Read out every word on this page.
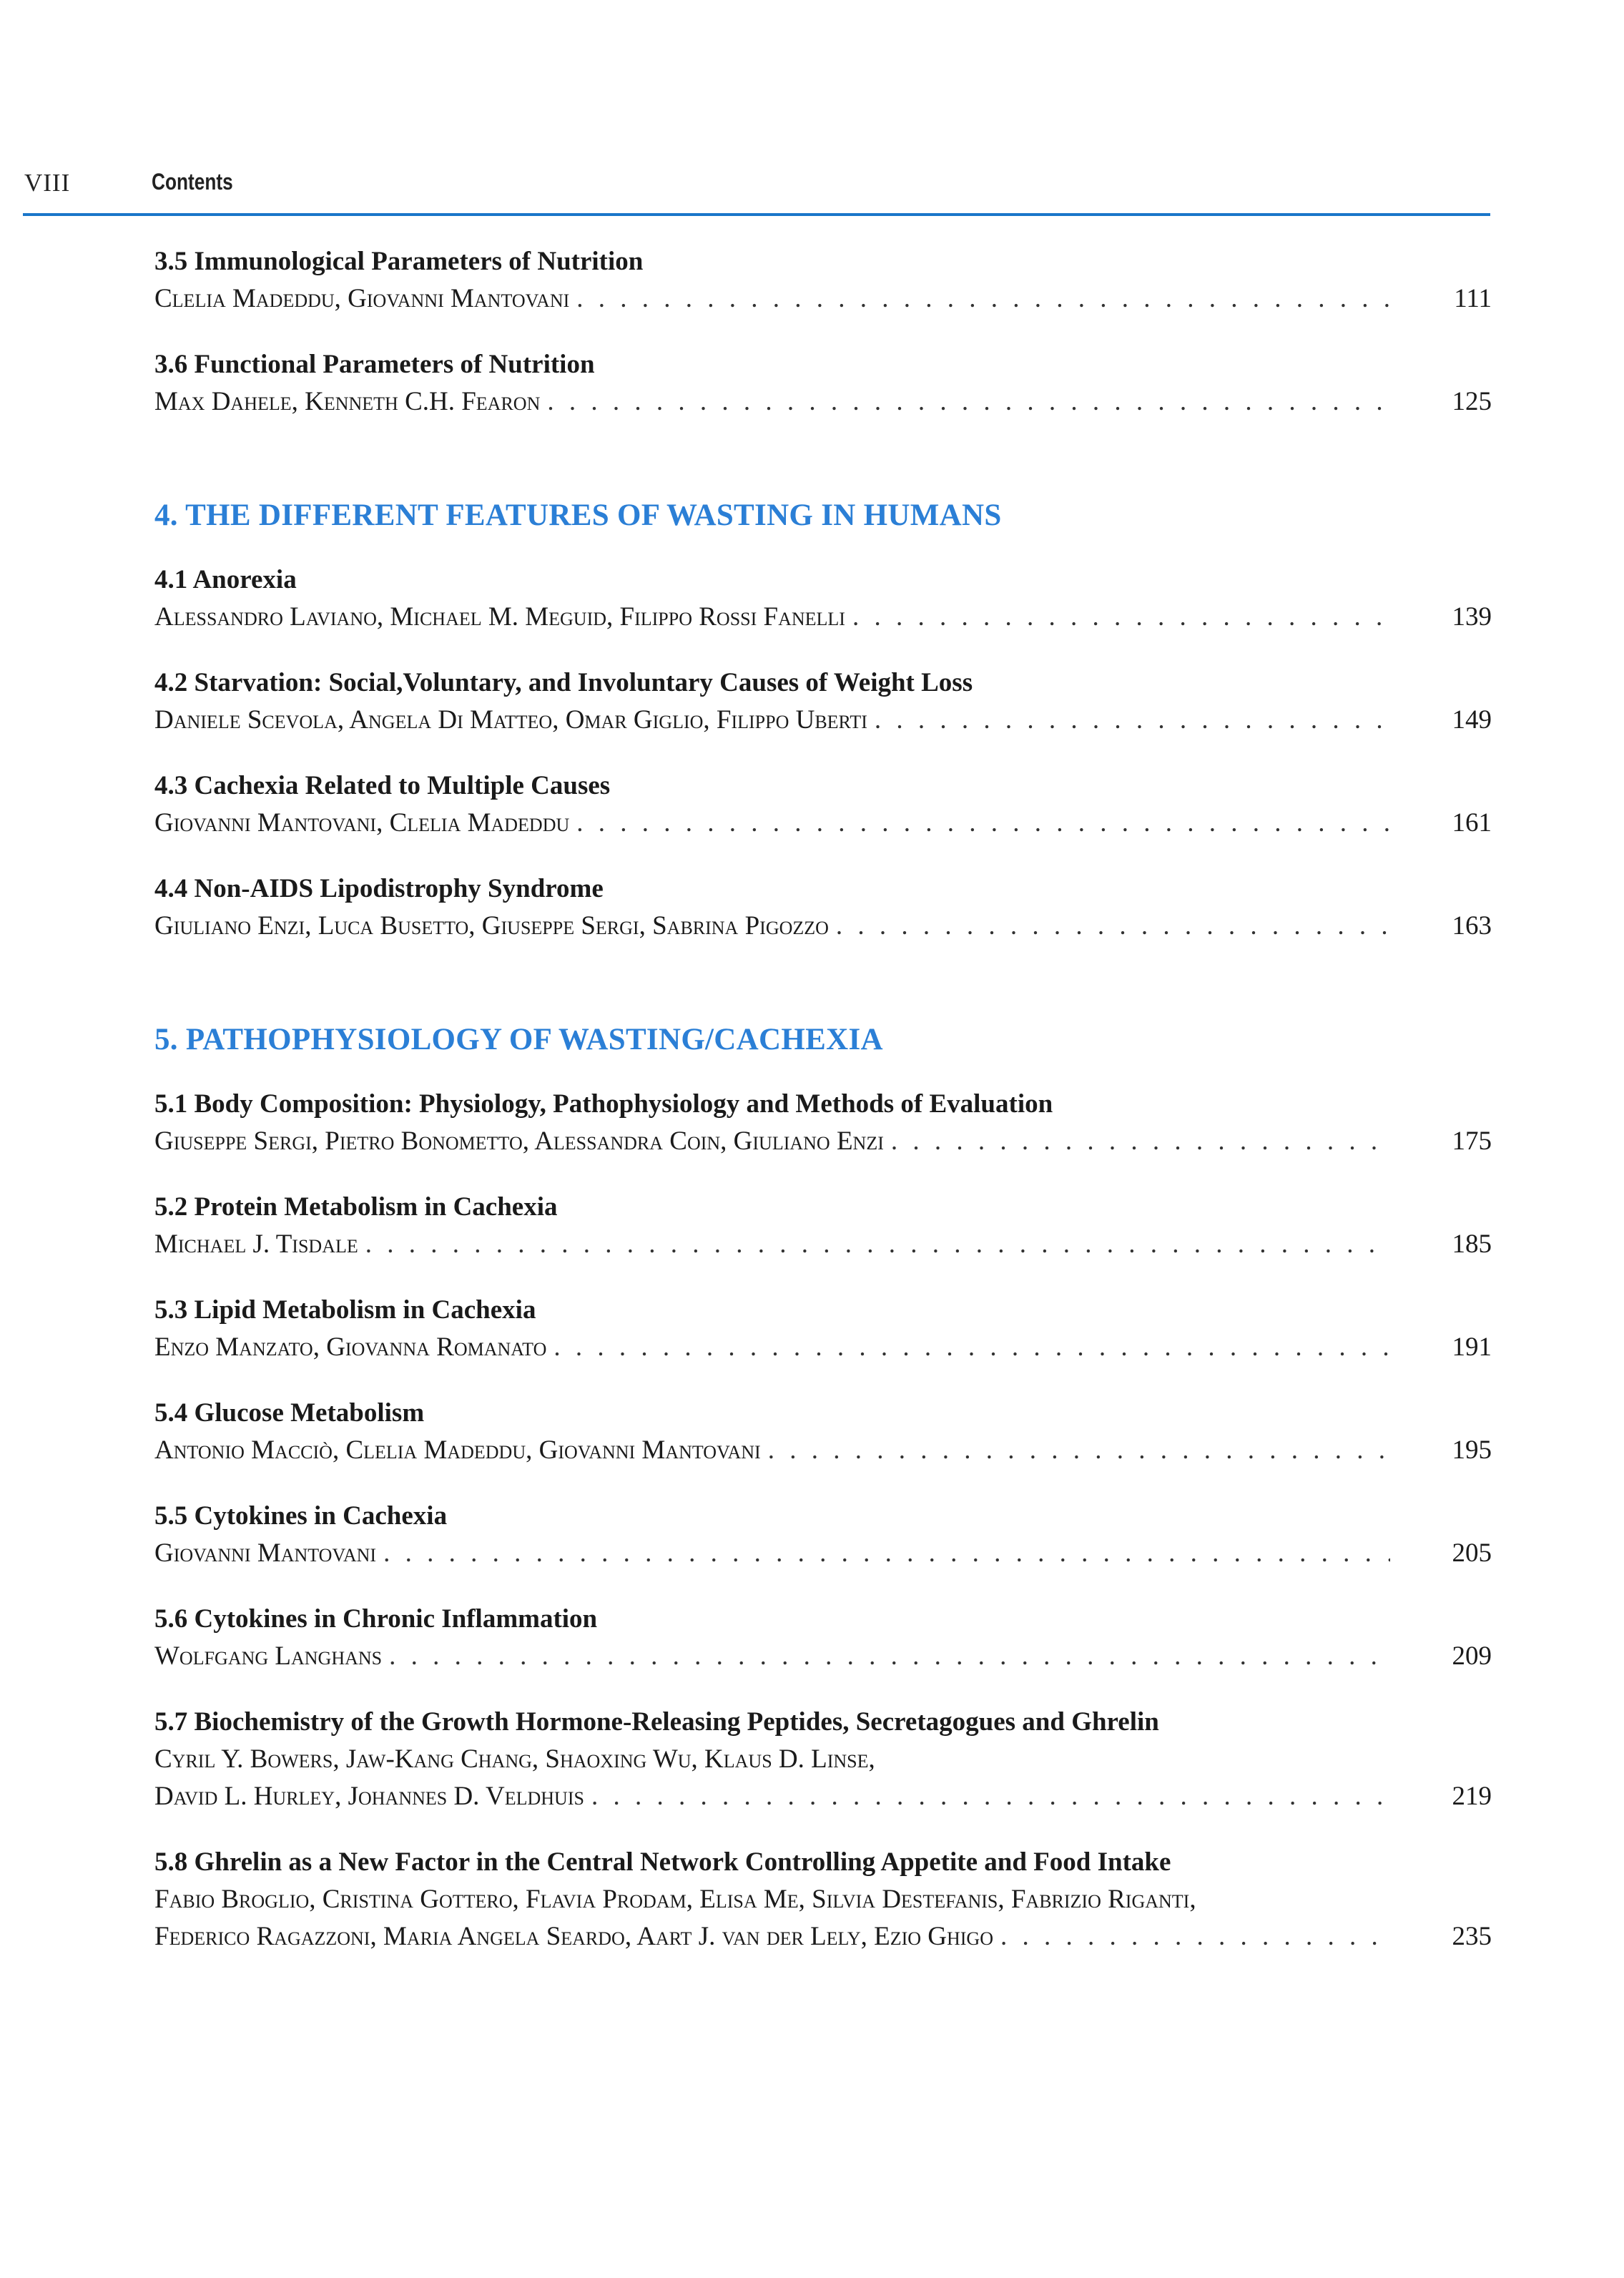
VIII	Contents
3.5 Immunological Parameters of Nutrition
Clelia Madeddu, Giovanni Mantovani . . .	111
3.6 Functional Parameters of Nutrition
Max Dahele, Kenneth C.H. Fearon . . .	125
4. THE DIFFERENT FEATURES OF WASTING IN HUMANS
4.1 Anorexia
Alessandro Laviano, Michael M. Meguid, Filippo Rossi Fanelli . . .	139
4.2 Starvation: Social,Voluntary, and Involuntary Causes of Weight Loss
Daniele Scevola, Angela Di Matteo, Omar Giglio, Filippo Uberti . . .	149
4.3 Cachexia Related to Multiple Causes
Giovanni Mantovani, Clelia Madeddu . . .	161
4.4 Non-AIDS Lipodistrophy Syndrome
Giuliano Enzi, Luca Busetto, Giuseppe Sergi, Sabrina Pigozzo . . .	163
5. PATHOPHYSIOLOGY OF WASTING/CACHEXIA
5.1 Body Composition: Physiology, Pathophysiology and Methods of Evaluation
Giuseppe Sergi, Pietro Bonometto, Alessandra Coin, Giuliano Enzi . . .	175
5.2 Protein Metabolism in Cachexia
Michael J. Tisdale . . .	185
5.3 Lipid Metabolism in Cachexia
Enzo Manzato, Giovanna Romanato . . .	191
5.4 Glucose Metabolism
Antonio Macciò, Clelia Madeddu, Giovanni Mantovani . . .	195
5.5 Cytokines in Cachexia
Giovanni Mantovani . . .	205
5.6 Cytokines in Chronic Inflammation
Wolfgang Langhans . . .	209
5.7 Biochemistry of the Growth Hormone-Releasing Peptides, Secretagogues and Ghrelin
Cyril Y. Bowers, Jaw-Kang Chang, Shaoxing Wu, Klaus D. Linse,
David L. Hurley, Johannes D. Veldhuis . . .	219
5.8 Ghrelin as a New Factor in the Central Network Controlling Appetite and Food Intake
Fabio Broglio, Cristina Gottero, Flavia Prodam, Elisa Me, Silvia Destefanis, Fabrizio Riganti,
Federico Ragazzoni, Maria Angela Seardo, Aart J. van der Lely, Ezio Ghigo . . .	235
